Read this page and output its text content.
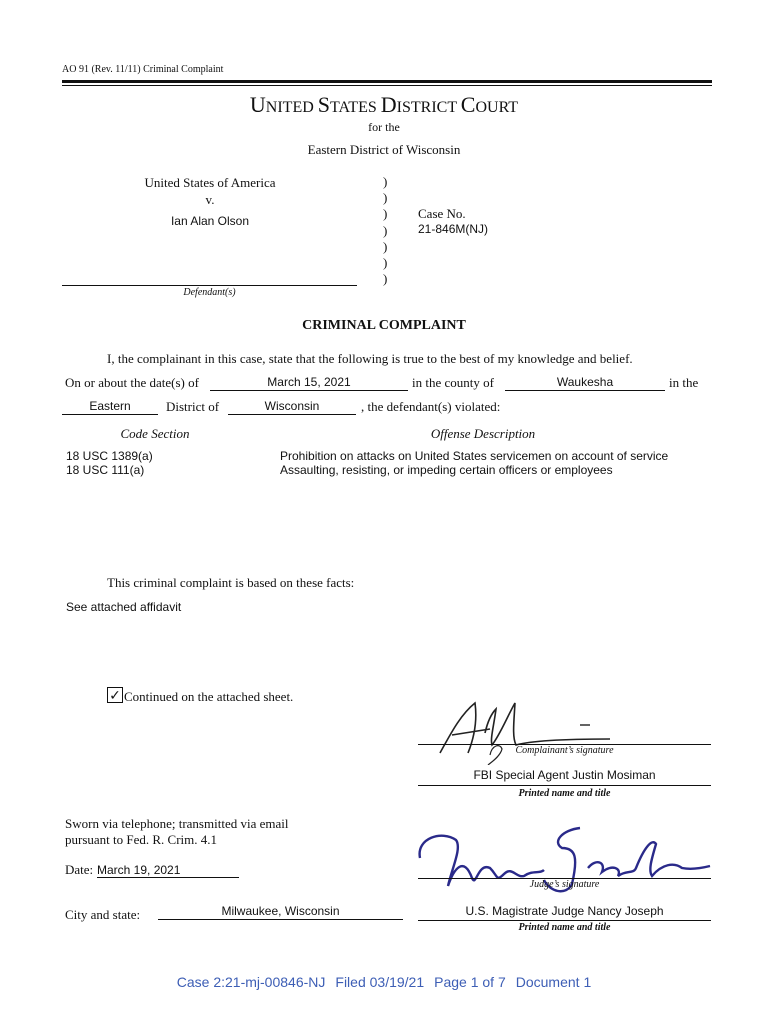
AO 91 (Rev. 11/11) Criminal Complaint
UNITED STATES DISTRICT COURT
for the
Eastern District of Wisconsin
United States of America
v.
Ian Alan Olson
Defendant(s)
)
)
)
)
)
)
)
Case No.
21-846M(NJ)
CRIMINAL COMPLAINT
I, the complainant in this case, state that the following is true to the best of my knowledge and belief.
On or about the date(s) of	March 15, 2021	in the county of	Waukesha	in the
Eastern	District of	Wisconsin	, the defendant(s) violated:
Code Section	Offense Description
18 USC 1389(a)	Prohibition on attacks on United States servicemen on account of service
18 USC 111(a)	Assaulting, resisting, or impeding certain officers or employees
This criminal complaint is based on these facts:
See attached affidavit
✓ Continued on the attached sheet.
Complainant’s signature
FBI Special Agent Justin Mosiman
Printed name and title
Sworn via telephone; transmitted via email
pursuant to Fed. R. Crim. 4.1
Date: March 19, 2021
City and state:	Milwaukee, Wisconsin
Judge’s signature
U.S. Magistrate Judge Nancy Joseph
Printed name and title
Case 2:21-mj-00846-NJ Filed 03/19/21 Page 1 of 7 Document 1
